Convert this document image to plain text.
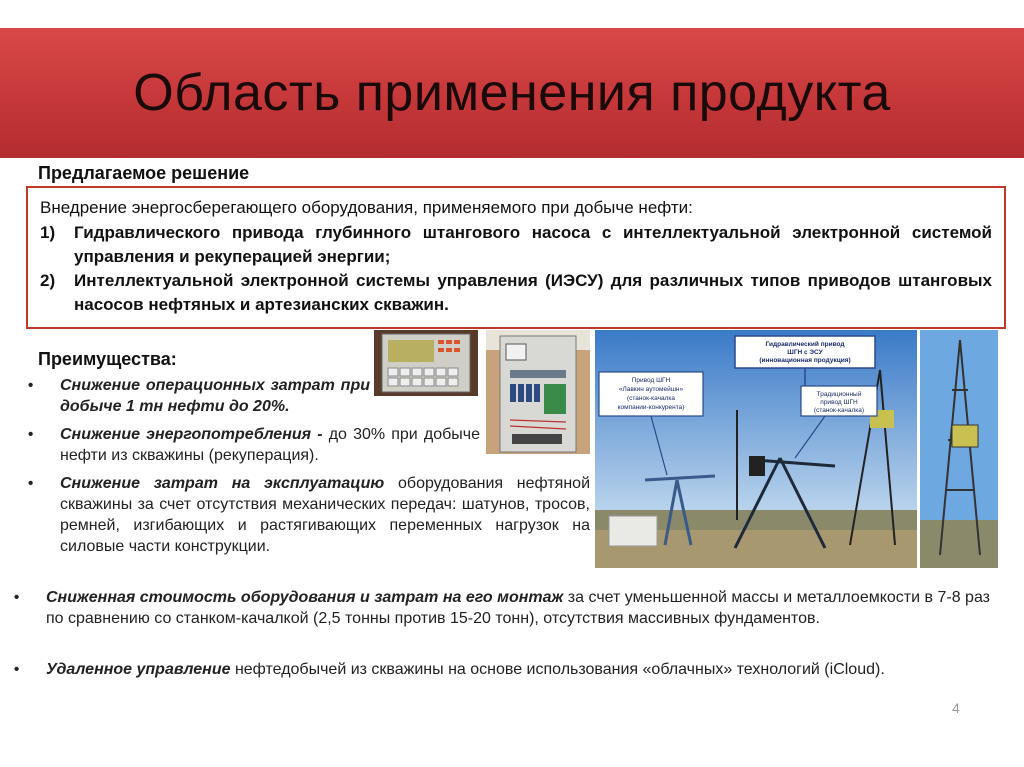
Область применения продукта
Предлагаемое решение
Внедрение энергосберегающего оборудования, применяемого при добыче нефти:
1)	Гидравлического привода глубинного штангового насоса с интеллектуальной электронной системой управления и рекуперацией энергии;
2)	Интеллектуальной электронной системы управления (ИЭСУ) для различных типов приводов штанговых насосов нефтяных и артезианских скважин.
Гидравлический привод
ШГН с ЭСУ
(инновационная продукция)
Привод ШГН
«Лавкин аутомейшн»
(станок-качалка
компании-конкурента)
Традиционный
привод ШГН
(станок-качалка)
Преимущества:
•	Снижение операционных затрат при добыче 1 тн нефти до 20%.
•	Снижение энергопотребления - до 30% при добыче нефти из скважины (рекуперация).
•	Снижение затрат на эксплуатацию оборудования нефтяной скважины за счет отсутствия механических передач: шатунов, тросов, ремней, изгибающих и растягивающих переменных нагрузок на силовые части конструкции.
•	Сниженная стоимость оборудования и затрат на его монтаж за счет уменьшенной массы и металлоемкости в 7-8 раз по сравнению со станком-качалкой (2,5 тонны против 15-20 тонн), отсутствия массивных фундаментов.
•	Удаленное управление нефтедобычей из скважины на основе использования «облачных» технологий (iCloud).
4
